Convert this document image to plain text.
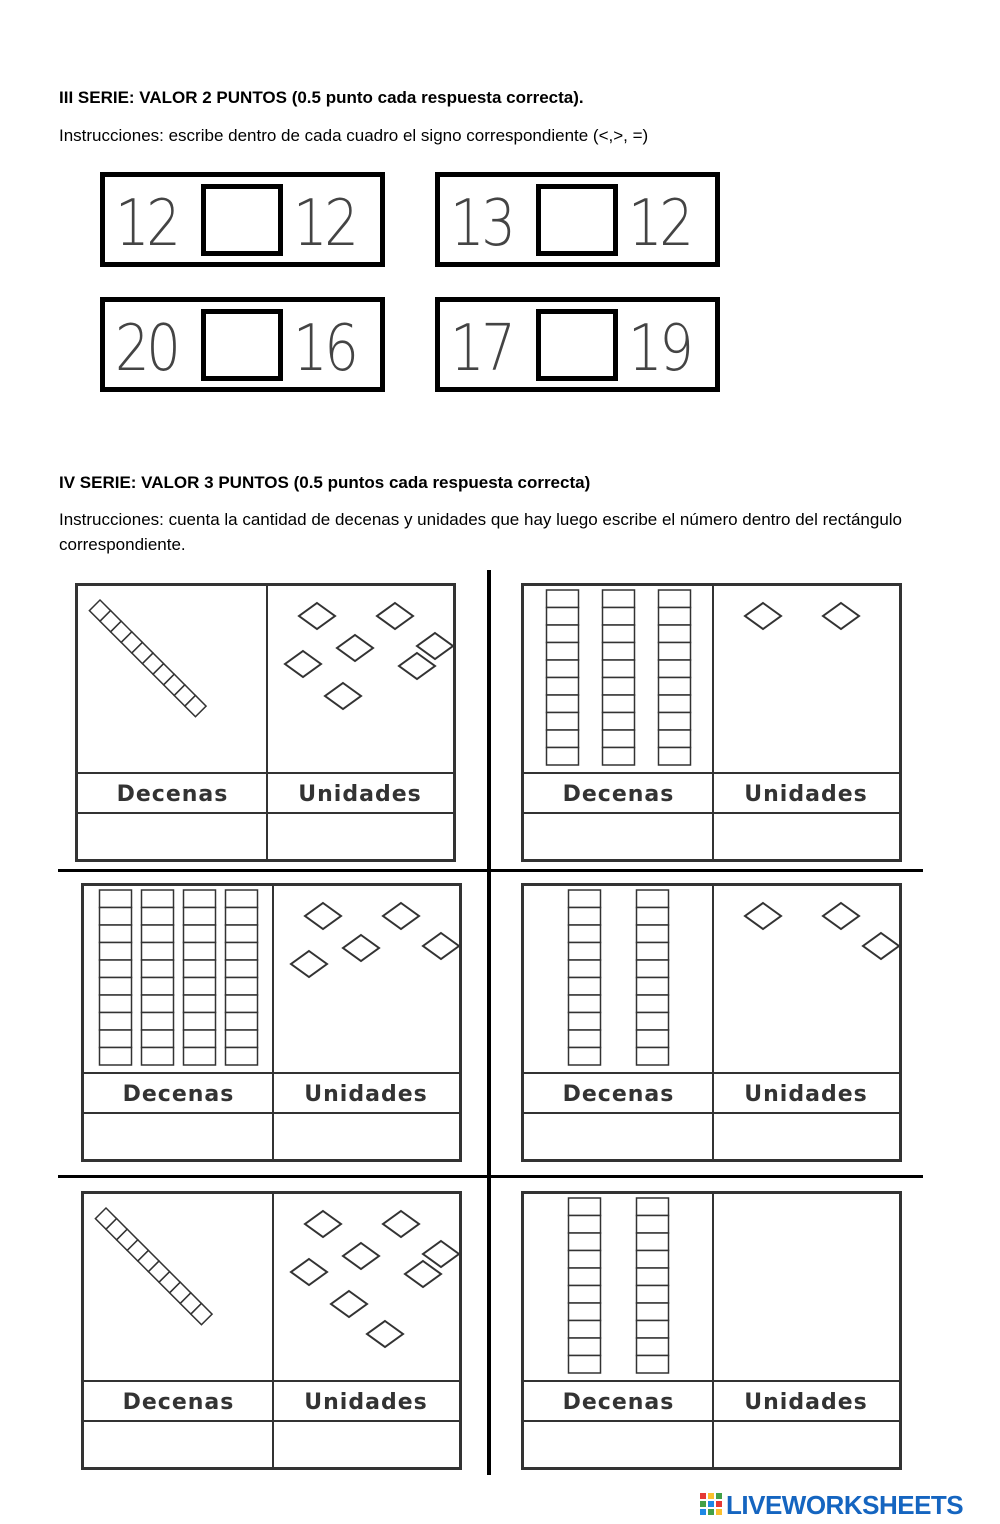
III SERIE: VALOR 2 PUNTOS (0.5 punto cada respuesta correcta).
Instrucciones: escribe dentro de cada cuadro el signo correspondiente (<,>, =)
12 12 13 12
20 16 17 19
IV SERIE: VALOR 3 PUNTOS (0.5 puntos cada respuesta correcta)
Instrucciones: cuenta la cantidad de decenas y unidades que hay luego escribe el número dentro del rectángulo correspondiente.
Decenas	Unidades	Decenas	Unidades
Decenas	Unidades	Decenas	Unidades
Decenas	Unidades	Decenas	Unidades
LIVEWORKSHEETS
